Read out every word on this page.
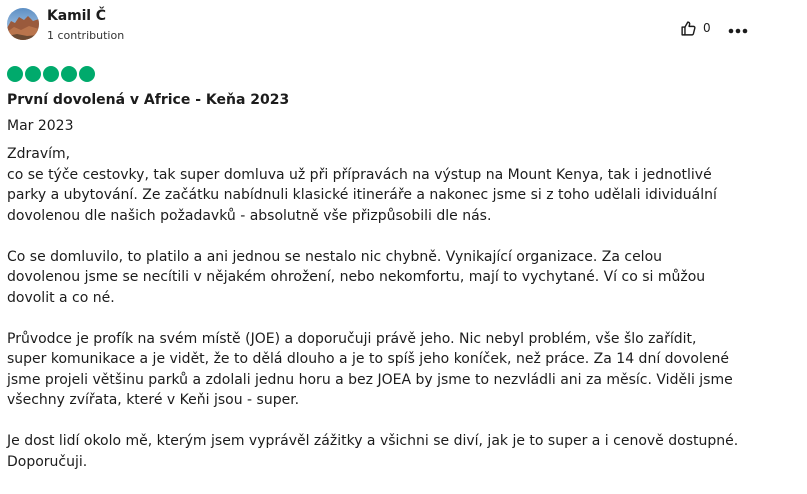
Kamil Č
1 contribution
0
První dovolená v Africe - Keňa 2023
Mar 2023

Zdravím,
co se týče cestovky, tak super domluva už při přípravách na výstup na Mount Kenya, tak i jednotlivé
parky a ubytování. Ze začátku nabídnuli klasické itineráře a nakonec jsme si z toho udělali idividuální
dovolenou dle našich požadavků - absolutně vše přizpůsobili dle nás.

Co se domluvilo, to platilo a ani jednou se nestalo nic chybně. Vynikající organizace. Za celou
dovolenou jsme se necítili v nějakém ohrožení, nebo nekomfortu, mají to vychytané. Ví co si můžou
dovolit a co né.

Průvodce je profík na svém místě (JOE) a doporučuji právě jeho. Nic nebyl problém, vše šlo zařídit,
super komunikace a je vidět, že to dělá dlouho a je to spíš jeho koníček, než práce. Za 14 dní dovolené
jsme projeli většinu parků a zdolali jednu horu a bez JOEA by jsme to nezvládli ani za měsíc. Viděli jsme
všechny zvířata, které v Keňi jsou - super.

Je dost lidí okolo mě, kterým jsem vyprávěl zážitky a všichni se diví, jak je to super a i cenově dostupné.
Doporučuji.
